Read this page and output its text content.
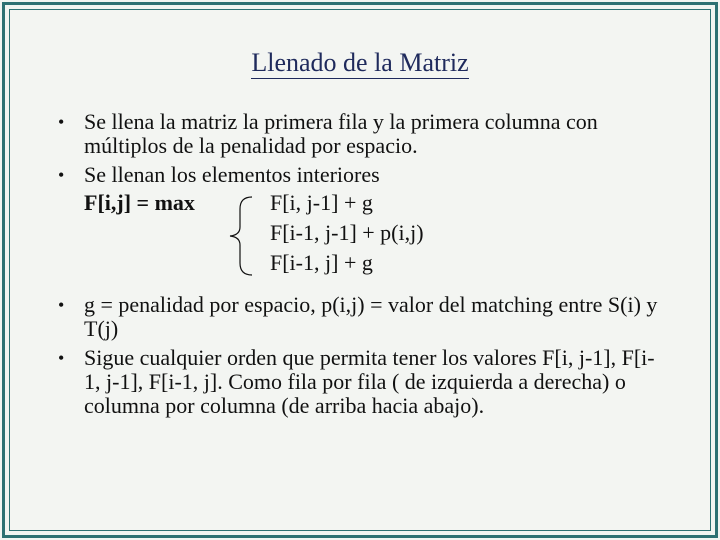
Llenado de la Matriz
• Se llena la matriz la primera fila y la primera columna con múltiplos de la penalidad por espacio.
• Se llenan los elementos interiores
F[i,j] = max	F[i, j-1] + g
F[i-1, j-1] + p(i,j)
F[i-1, j] + g
• g = penalidad por espacio, p(i,j) = valor del matching entre S(i) y T(j)
• Sigue cualquier orden que permita tener los valores F[i, j-1], F[i-1, j-1], F[i-1, j]. Como fila por fila ( de izquierda a derecha) o columna por columna (de arriba hacia abajo).
